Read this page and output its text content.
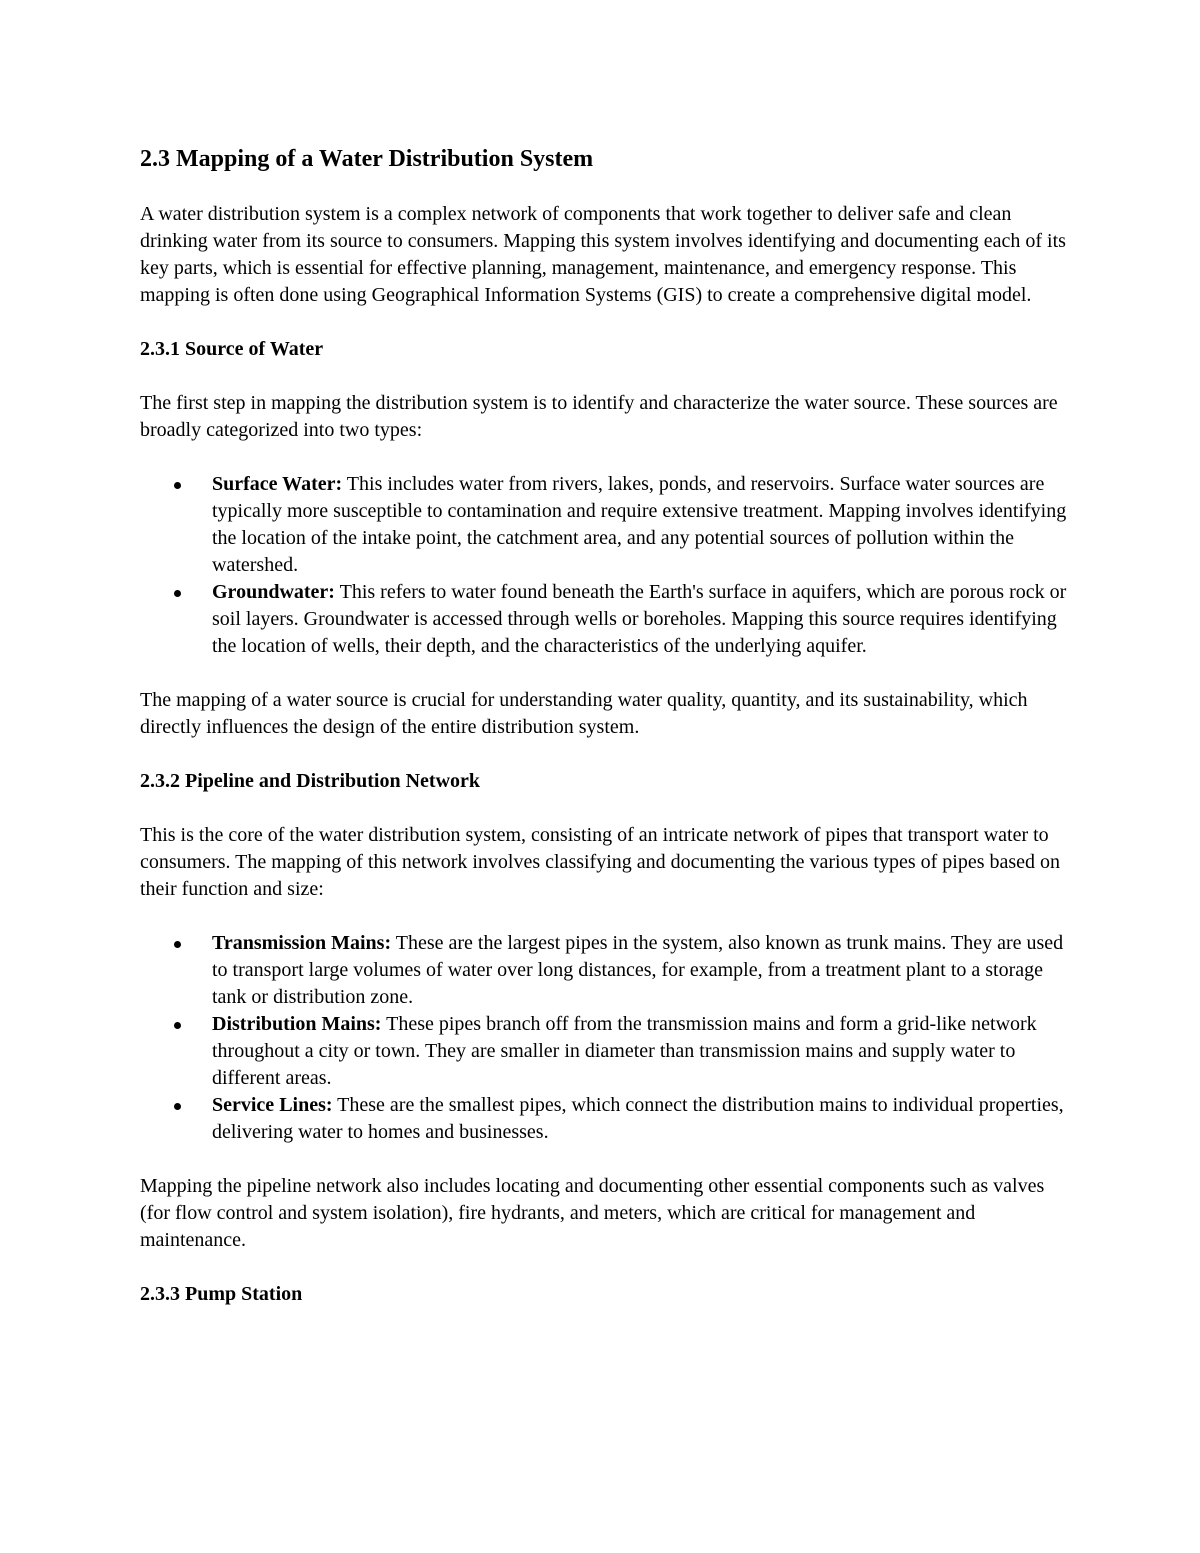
2.3 Mapping of a Water Distribution System

A water distribution system is a complex network of components that work together to deliver safe and clean drinking water from its source to consumers. Mapping this system involves identifying and documenting each of its key parts, which is essential for effective planning, management, maintenance, and emergency response. This mapping is often done using Geographical Information Systems (GIS) to create a comprehensive digital model.

2.3.1 Source of Water

The first step in mapping the distribution system is to identify and characterize the water source. These sources are broadly categorized into two types:

Surface Water: This includes water from rivers, lakes, ponds, and reservoirs. Surface water sources are typically more susceptible to contamination and require extensive treatment. Mapping involves identifying the location of the intake point, the catchment area, and any potential sources of pollution within the watershed.
Groundwater: This refers to water found beneath the Earth's surface in aquifers, which are porous rock or soil layers. Groundwater is accessed through wells or boreholes. Mapping this source requires identifying the location of wells, their depth, and the characteristics of the underlying aquifer.

The mapping of a water source is crucial for understanding water quality, quantity, and its sustainability, which directly influences the design of the entire distribution system.

2.3.2 Pipeline and Distribution Network

This is the core of the water distribution system, consisting of an intricate network of pipes that transport water to consumers. The mapping of this network involves classifying and documenting the various types of pipes based on their function and size:

Transmission Mains: These are the largest pipes in the system, also known as trunk mains. They are used to transport large volumes of water over long distances, for example, from a treatment plant to a storage tank or distribution zone.
Distribution Mains: These pipes branch off from the transmission mains and form a grid-like network throughout a city or town. They are smaller in diameter than transmission mains and supply water to different areas.
Service Lines: These are the smallest pipes, which connect the distribution mains to individual properties, delivering water to homes and businesses.

Mapping the pipeline network also includes locating and documenting other essential components such as valves (for flow control and system isolation), fire hydrants, and meters, which are critical for management and maintenance.

2.3.3 Pump Station
